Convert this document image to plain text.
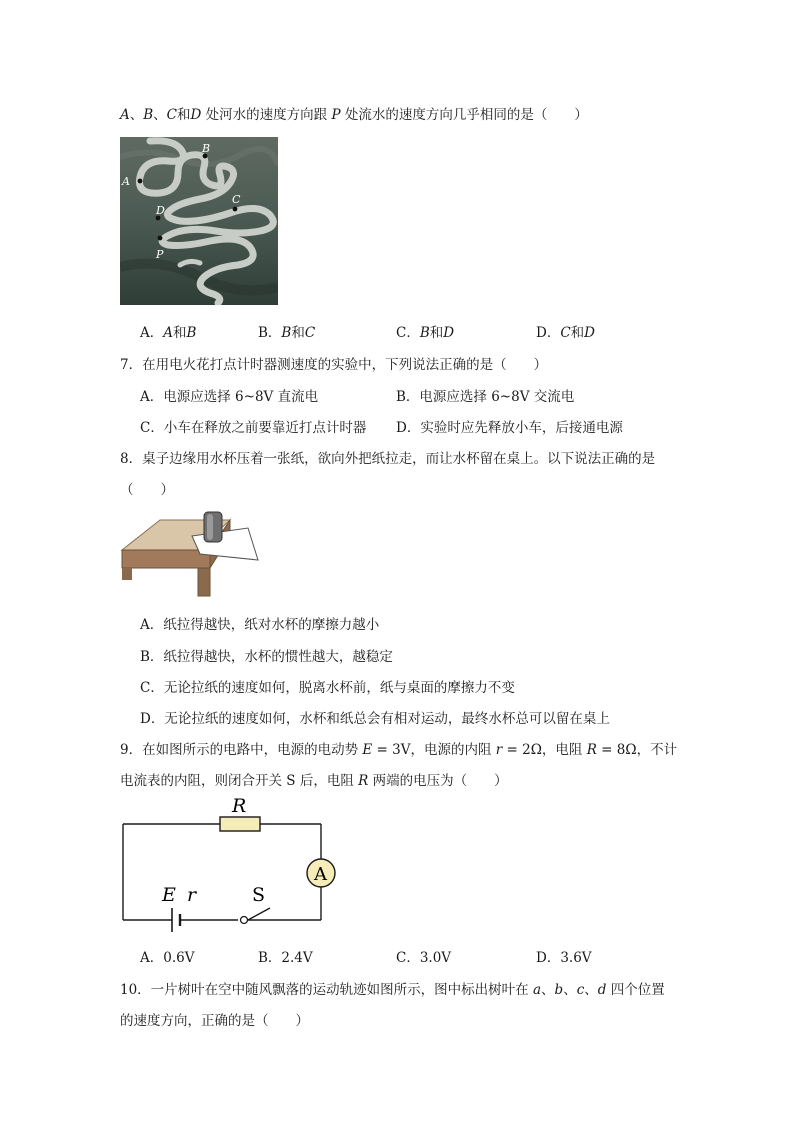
A、B、C和D 处河水的速度方向跟 P 处流水的速度方向几乎相同的是（　　）
B
A
C
D
P
A．A和B	B．B和C	C．B和D	D．C和D
7．在用电火花打点计时器测速度的实验中，下列说法正确的是（　　）
A．电源应选择 6~8V 直流电	B．电源应选择 6~8V 交流电
C．小车在释放之前要靠近打点计时器 D．实验时应先释放小车，后接通电源
8．桌子边缘用水杯压着一张纸，欲向外把纸拉走，而让水杯留在桌上。以下说法正确的是
（　　）
A．纸拉得越快，纸对水杯的摩擦力越小
B．纸拉得越快，水杯的惯性越大，越稳定
C．无论拉纸的速度如何，脱离水杯前，纸与桌面的摩擦力不变
D．无论拉纸的速度如何，水杯和纸总会有相对运动，最终水杯总可以留在桌上
9．在如图所示的电路中，电源的电动势 E = 3V，电源的内阻 r = 2Ω，电阻 R = 8Ω，不计
电流表的内阻，则闭合开关 S 后，电阻 R 两端的电压为（　　）
R
A
E r	S
A．0.6V	B．2.4V	C．3.0V	D．3.6V
10．一片树叶在空中随风飘落的运动轨迹如图所示，图中标出树叶在 a、b、c、d 四个位置
的速度方向，正确的是（　　）
